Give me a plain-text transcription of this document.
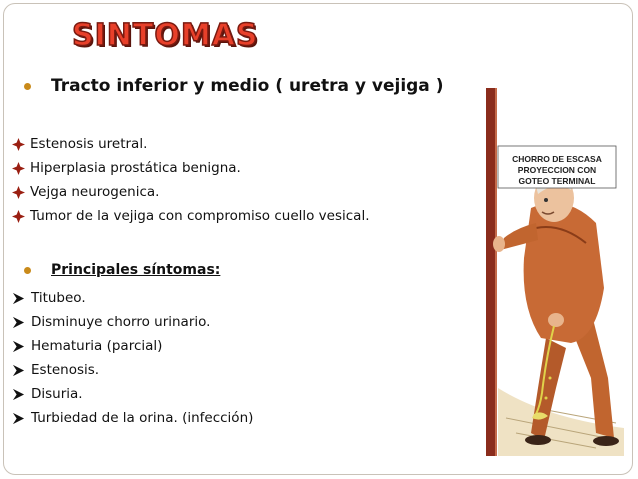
SINTOMAS
Tracto inferior y medio ( uretra y vejiga )
Estenosis uretral.
Hiperplasia prostática benigna.
Vejga neurogenica.
Tumor de la vejiga con compromiso cuello vesical.
Principales síntomas:
Titubeo.
Disminuye chorro urinario.
Hematuria (parcial)
Estenosis.
Disuria.
Turbiedad de la orina. (infección)
CHORRO DE ESCASA
PROYECCION CON
GOTEO TERMINAL
